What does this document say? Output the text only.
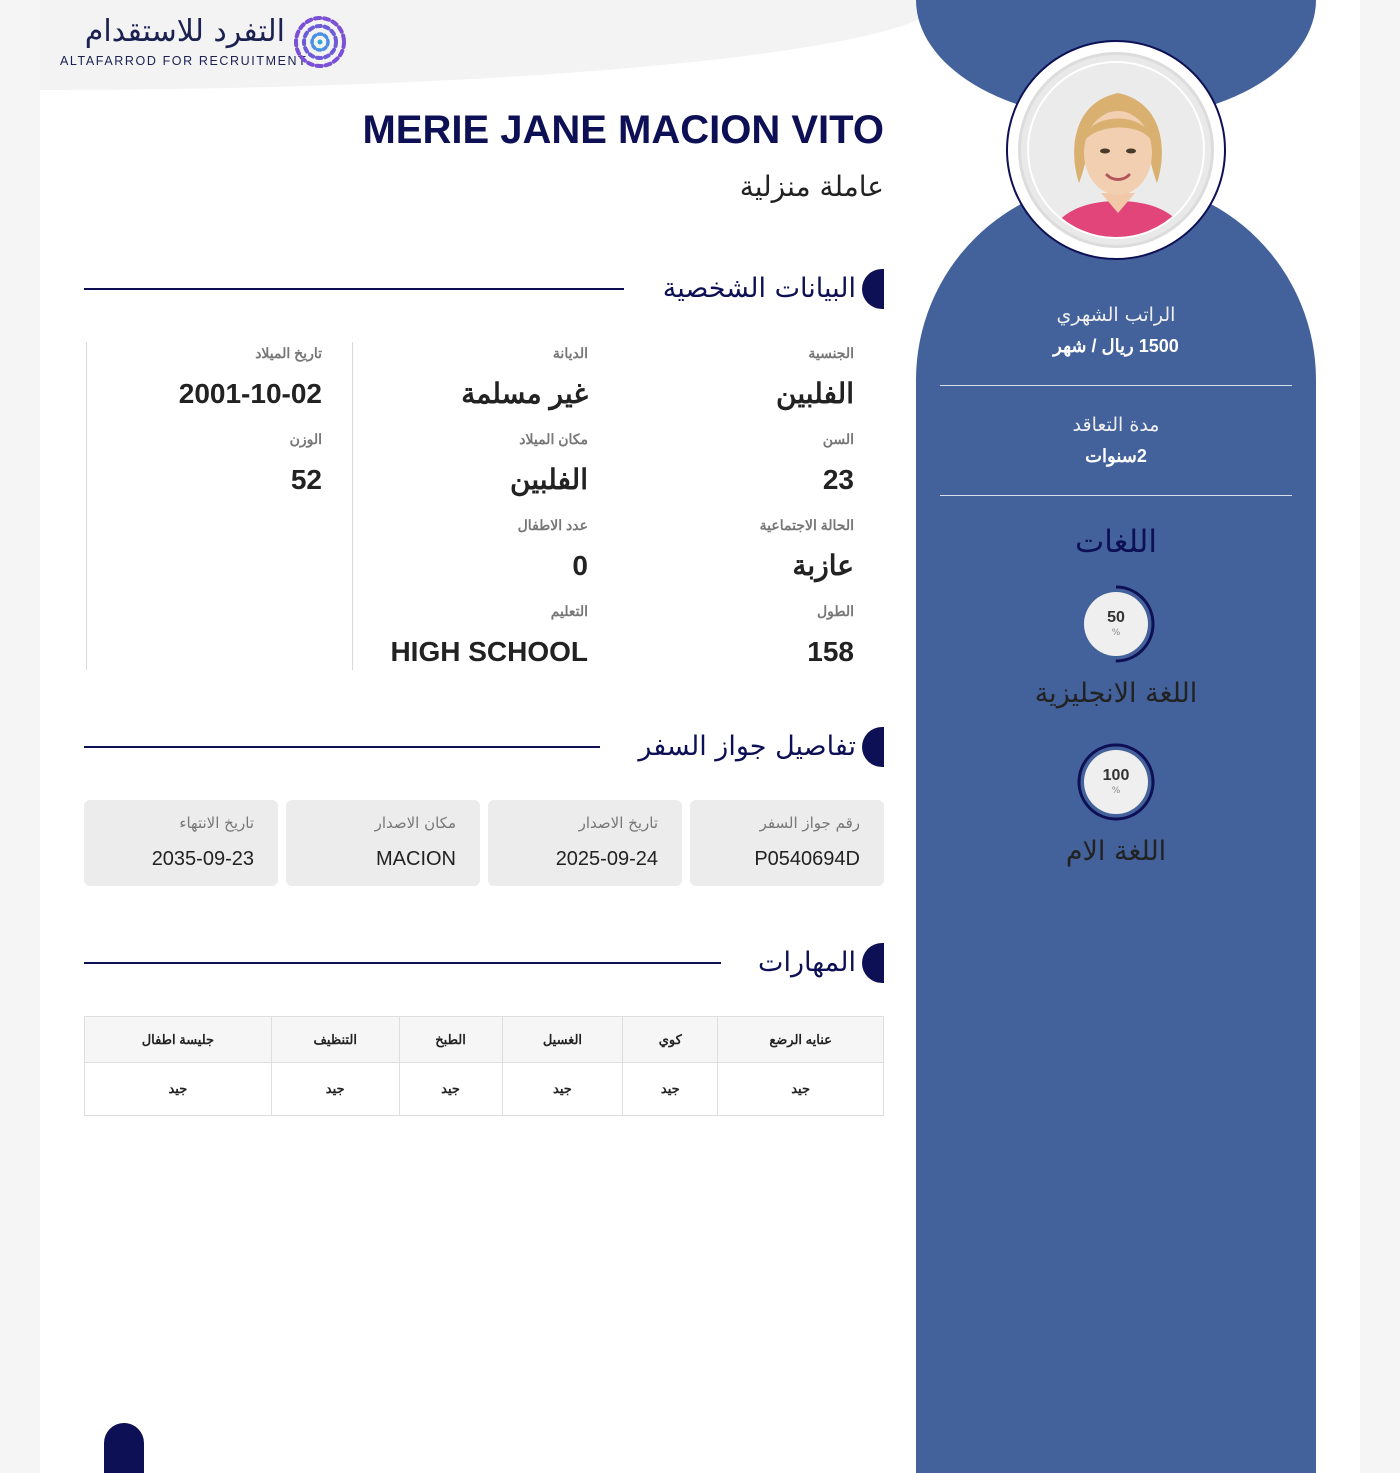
التفرد للاستقدام
ALTAFARROD FOR RECRUITMENT
MERIE JANE MACION VITO
عاملة منزلية
البيانات الشخصية
الجنسية
الفلبين
السن
23
الحالة الاجتماعية
عازبة
الطول
158
الديانة
غير مسلمة
مكان الميلاد
الفلبين
عدد الاطفال
0
التعليم
HIGH SCHOOL
تاريخ الميلاد
2001-10-02
الوزن
52
تفاصيل جواز السفر
رقم جواز السفر
P0540694D
تاريخ الاصدار
2025-09-24
مكان الاصدار
MACION
تاريخ الانتهاء
2035-09-23
المهارات
عنايه الرضع	كوي	الغسيل	الطبخ	التنظيف	جليسة اطفال
جيد	جيد	جيد	جيد	جيد	جيد
الراتب الشهري
1500 ريال / شهر
مدة التعاقد
2سنوات
اللغات
50
%
اللغة الانجليزية
100
%
اللغة الام
